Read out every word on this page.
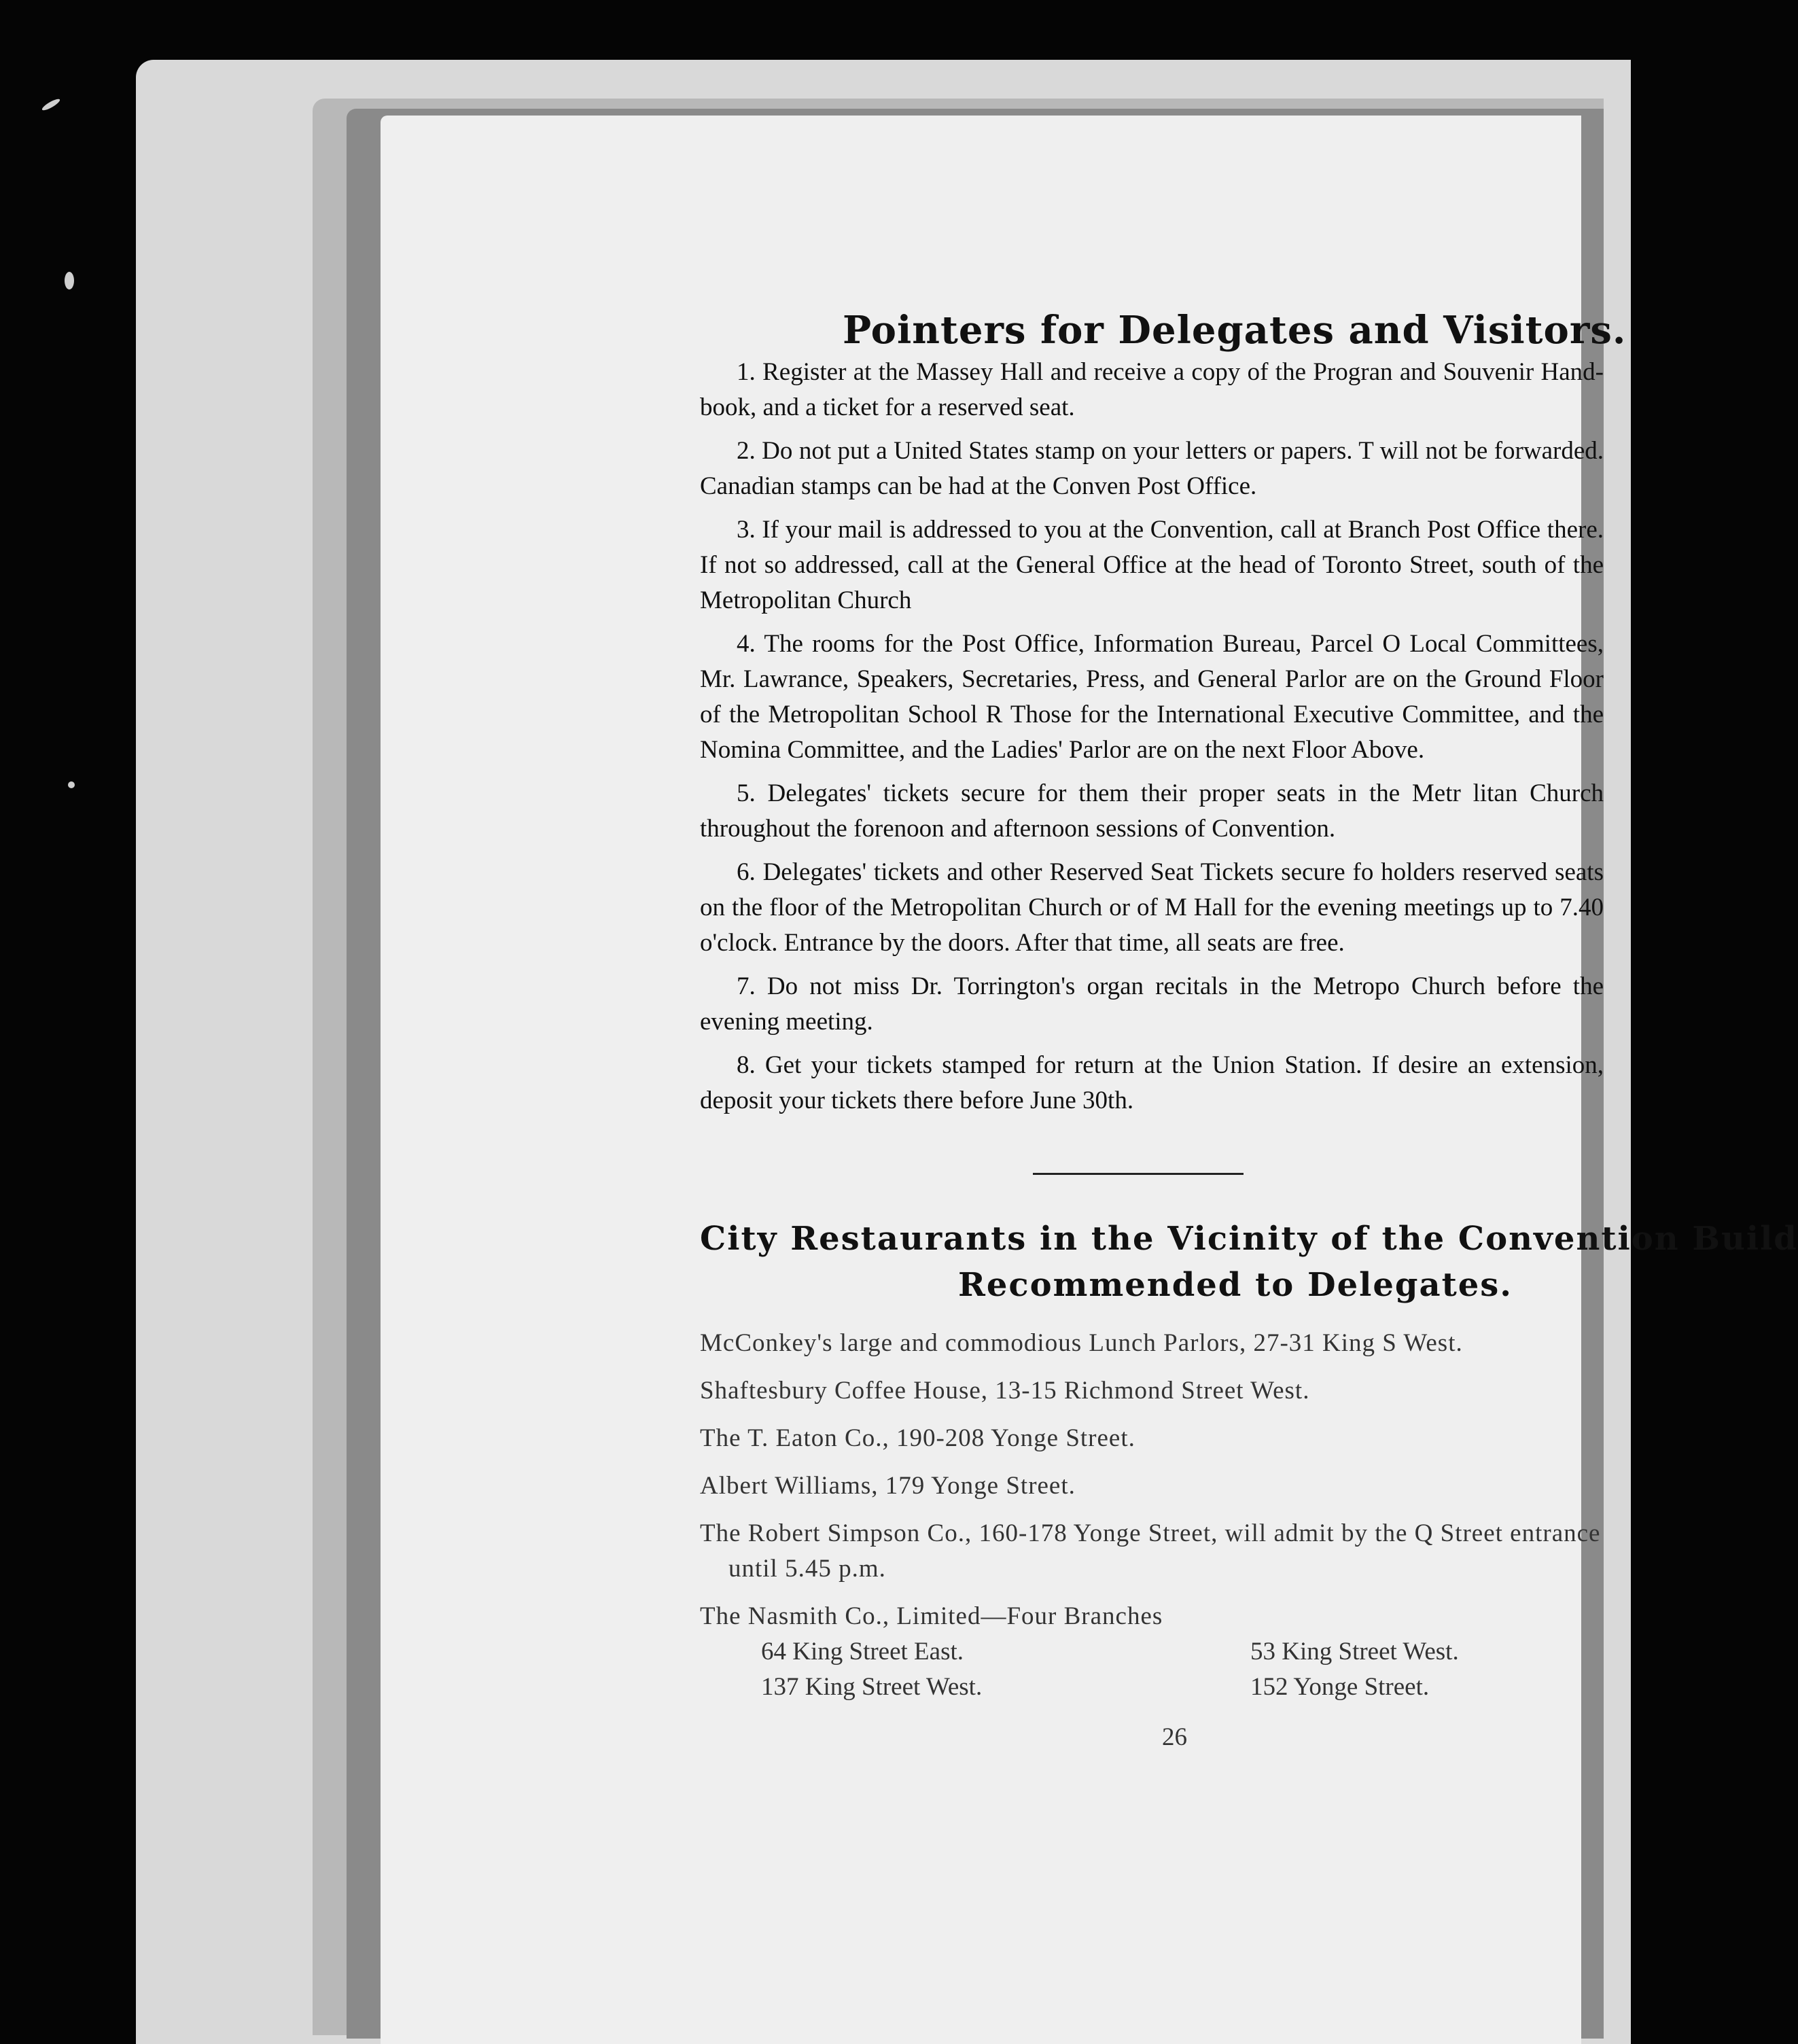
Pointers for Delegates and Visitors.

1. Register at the Massey Hall and receive a copy of the Progran and Souvenir Hand-book, and a ticket for a reserved seat.

2. Do not put a United States stamp on your letters or papers. T will not be forwarded. Canadian stamps can be had at the Conven Post Office.

3. If your mail is addressed to you at the Convention, call at Branch Post Office there. If not so addressed, call at the General Office at the head of Toronto Street, south of the Metropolitan Church

4. The rooms for the Post Office, Information Bureau, Parcel O Local Committees, Mr. Lawrance, Speakers, Secretaries, Press, and General Parlor are on the Ground Floor of the Metropolitan School R Those for the International Executive Committee, and the Nomina Committee, and the Ladies' Parlor are on the next Floor Above.

5. Delegates' tickets secure for them their proper seats in the Metr litan Church throughout the forenoon and afternoon sessions of Convention.

6. Delegates' tickets and other Reserved Seat Tickets secure fo holders reserved seats on the floor of the Metropolitan Church or of M Hall for the evening meetings up to 7.40 o'clock. Entrance by the doors. After that time, all seats are free.

7. Do not miss Dr. Torrington's organ recitals in the Metropo Church before the evening meeting.

8. Get your tickets stamped for return at the Union Station. If desire an extension, deposit your tickets there before June 30th.

City Restaurants in the Vicinity of the Convention Build
Recommended to Delegates.

McConkey's large and commodious Lunch Parlors, 27-31 King S West.

Shaftesbury Coffee House, 13-15 Richmond Street West.

The T. Eaton Co., 190-208 Yonge Street.

Albert Williams, 179 Yonge Street.

The Robert Simpson Co., 160-178 Yonge Street, will admit by the Q Street entrance until 5.45 p.m.

The Nasmith Co., Limited—Four Branches

64 King Street East.	53 King Street West.
137 King Street West.	152 Yonge Street.
26
